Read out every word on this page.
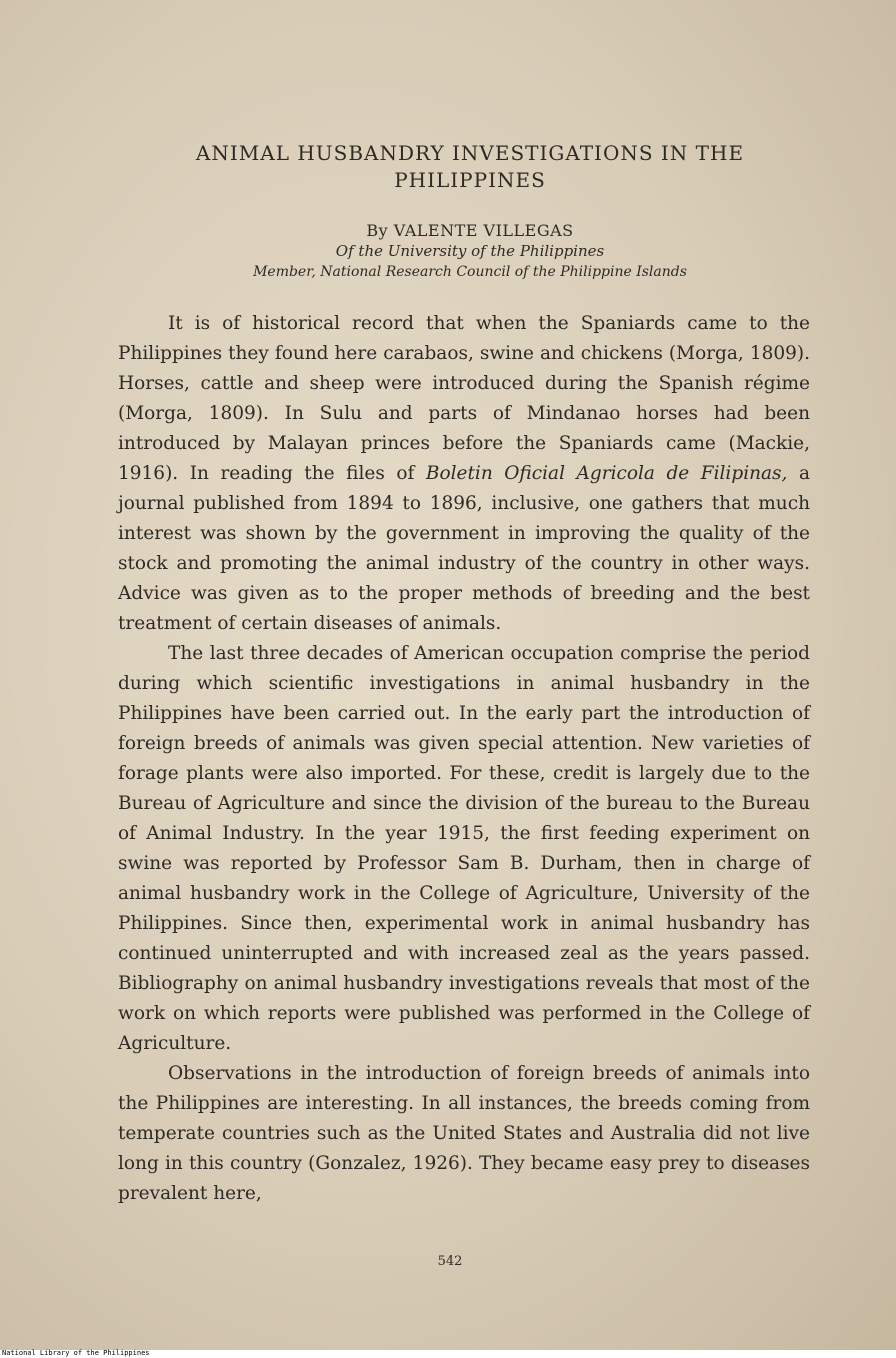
ANIMAL HUSBANDRY INVESTIGATIONS IN THE
PHILIPPINES
By VALENTE VILLEGAS
Of the University of the Philippines
Member, National Research Council of the Philippine Islands

It is of historical record that when the Spaniards came to the Philippines they found here carabaos, swine and chickens (Morga, 1809). Horses, cattle and sheep were introduced during the Spanish régime (Morga, 1809). In Sulu and parts of Mindanao horses had been introduced by Malayan princes before the Spaniards came (Mackie, 1916). In reading the files of Boletin Oficial Agricola de Filipinas, a journal published from 1894 to 1896, inclusive, one gathers that much interest was shown by the government in improving the quality of the stock and promoting the animal industry of the country in other ways. Advice was given as to the proper methods of breeding and the best treatment of certain diseases of animals.

The last three decades of American occupation comprise the period during which scientific investigations in animal husbandry in the Philippines have been carried out. In the early part the introduction of foreign breeds of animals was given special attention. New varieties of forage plants were also imported. For these, credit is largely due to the Bureau of Agriculture and since the division of the bureau to the Bureau of Animal Industry. In the year 1915, the first feeding experiment on swine was reported by Professor Sam B. Durham, then in charge of animal husbandry work in the College of Agriculture, University of the Philippines. Since then, experimental work in animal husbandry has continued uninterrupted and with increased zeal as the years passed. Bibliography on animal husbandry investigations reveals that most of the work on which reports were published was performed in the College of Agriculture.

Observations in the introduction of foreign breeds of animals into the Philippines are interesting. In all instances, the breeds coming from temperate countries such as the United States and Australia did not live long in this country (Gonzalez, 1926). They became easy prey to diseases prevalent here,

542
National Library of the Philippines
